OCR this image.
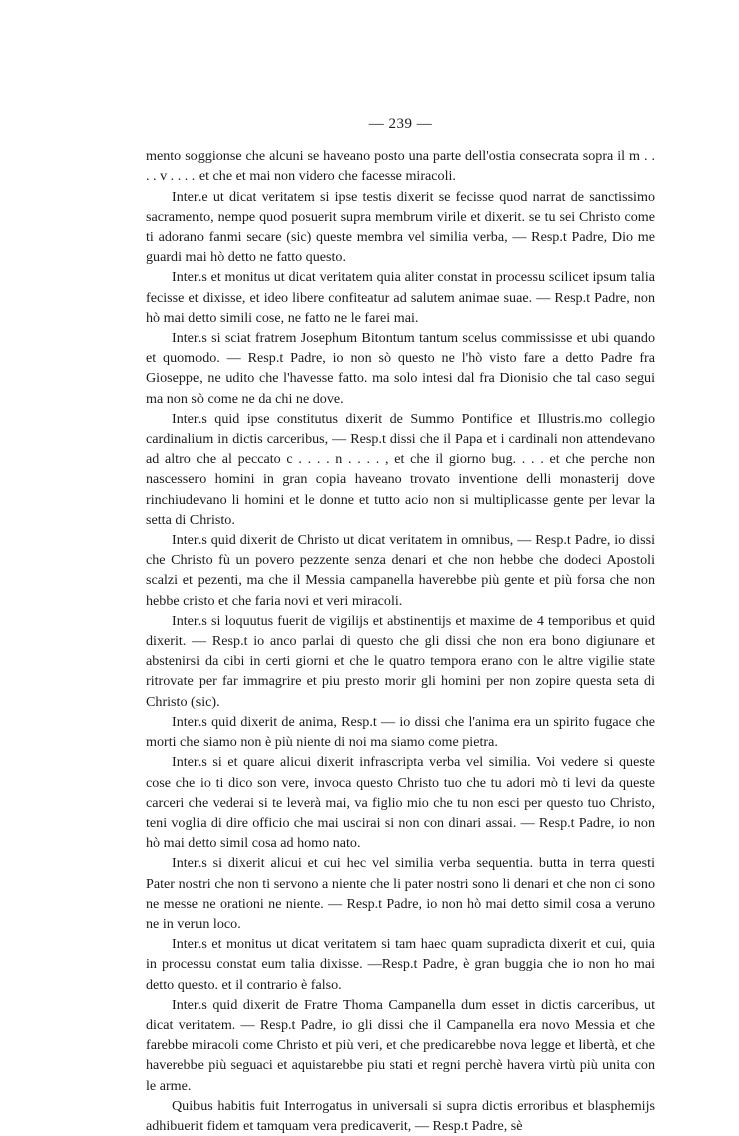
— 239 —

mento soggionse che alcuni se haveano posto una parte dell'ostia consecrata sopra il m . . . . v . . . . et che et mai non videro che facesse miracoli.

Inter.e ut dicat veritatem si ipse testis dixerit se fecisse quod narrat de sanctissimo sacramento, nempe quod posuerit supra membrum virile et dixerit. se tu sei Christo come ti adorano fanmi secare (sic) queste membra vel similia verba, — Resp.t Padre, Dio me guardi mai hò detto ne fatto questo.

Inter.s et monitus ut dicat veritatem quia aliter constat in processu scilicet ipsum talia fecisse et dixisse, et ideo libere confiteatur ad salutem animae suae. — Resp.t Padre, non hò mai detto simili cose, ne fatto ne le farei mai.

Inter.s si sciat fratrem Josephum Bitontum tantum scelus commississe et ubi quando et quomodo. — Resp.t Padre, io non sò questo ne l'hò visto fare a detto Padre fra Gioseppe, ne udito che l'havesse fatto. ma solo intesi dal fra Dionisio che tal caso segui ma non sò come ne da chi ne dove.

Inter.s quid ipse constitutus dixerit de Summo Pontifice et Illustris.mo collegio cardinalium in dictis carceribus, — Resp.t dissi che il Papa et i cardinali non attendevano ad altro che al peccato c . . . . n . . . . , et che il giorno bug. . . . et che perche non nascessero homini in gran copia haveano trovato inventione delli monasterij dove rinchiudevano li homini et le donne et tutto acio non si multiplicasse gente per levar la setta di Christo.

Inter.s quid dixerit de Christo ut dicat veritatem in omnibus, — Resp.t Padre, io dissi che Christo fù un povero pezzente senza denari et che non hebbe che dodeci Apostoli scalzi et pezenti, ma che il Messia campanella haverebbe più gente et più forsa che non hebbe cristo et che faria novi et veri miracoli.

Inter.s si loquutus fuerit de vigilijs et abstinentijs et maxime de 4 temporibus et quid dixerit. — Resp.t io anco parlai di questo che gli dissi che non era bono digiunare et abstenirsi da cibi in certi giorni et che le quatro tempora erano con le altre vigilie state ritrovate per far immagrire et piu presto morir gli homini per non zopire questa seta di Christo (sic).

Inter.s quid dixerit de anima, Resp.t — io dissi che l'anima era un spirito fugace che morti che siamo non è più niente di noi ma siamo come pietra.

Inter.s si et quare alicui dixerit infrascripta verba vel similia. Voi vedere si queste cose che io ti dico son vere, invoca questo Christo tuo che tu adori mò ti levi da queste carceri che vederai si te leverà mai, va figlio mio che tu non esci per questo tuo Christo, teni voglia di dire officio che mai uscirai si non con dinari assai. — Resp.t Padre, io non hò mai detto simil cosa ad homo nato.

Inter.s si dixerit alicui et cui hec vel similia verba sequentia. butta in terra questi Pater nostri che non ti servono a niente che li pater nostri sono li denari et che non ci sono ne messe ne orationi ne niente. — Resp.t Padre, io non hò mai detto simil cosa a veruno ne in verun loco.

Inter.s et monitus ut dicat veritatem si tam haec quam supradicta dixerit et cui, quia in processu constat eum talia dixisse. —Resp.t Padre, è gran buggia che io non ho mai detto questo. et il contrario è falso.

Inter.s quid dixerit de Fratre Thoma Campanella dum esset in dictis carceribus, ut dicat veritatem. — Resp.t Padre, io gli dissi che il Campanella era novo Messia et che farebbe miracoli come Christo et più veri, et che predicarebbe nova legge et libertà, et che haverebbe più seguaci et aquistarebbe piu stati et regni perchè havera virtù più unita con le arme.

Quibus habitis fuit Interrogatus in universali si supra dictis erroribus et blasphemijs adhibuerit fidem et tamquam vera predicaverit, — Resp.t Padre, sè
